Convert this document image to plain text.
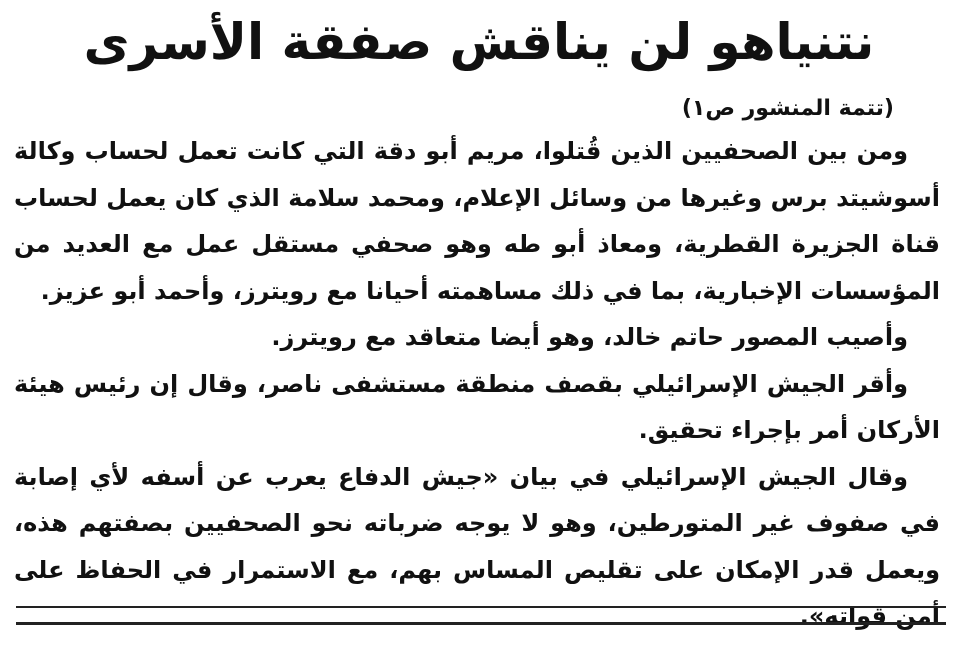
نتنياهو لن يناقش صفقة الأسرى

(تتمة المنشور ص١)

ومن بين الصحفيين الذين قُتلوا، مريم أبو دقة التي كانت تعمل لحساب وكالة أسوشيتد برس وغيرها من وسائل الإعلام، ومحمد سلامة الذي كان يعمل لحساب قناة الجزيرة القطرية، ومعاذ أبو طه وهو صحفي مستقل عمل مع العديد من المؤسسات الإخبارية، بما في ذلك مساهمته أحيانا مع رويترز، وأحمد أبو عزيز.

وأصيب المصور حاتم خالد، وهو أيضا متعاقد مع رويترز.

وأقر الجيش الإسرائيلي بقصف منطقة مستشفى ناصر، وقال إن رئيس هيئة الأركان أمر بإجراء تحقيق.

وقال الجيش الإسرائيلي في بيان «جيش الدفاع يعرب عن أسفه لأي إصابة في صفوف غير المتورطين، وهو لا يوجه ضرباته نحو الصحفيين بصفتهم هذه، ويعمل قدر الإمكان على تقليص المساس بهم، مع الاستمرار في الحفاظ على أمن قواته».
